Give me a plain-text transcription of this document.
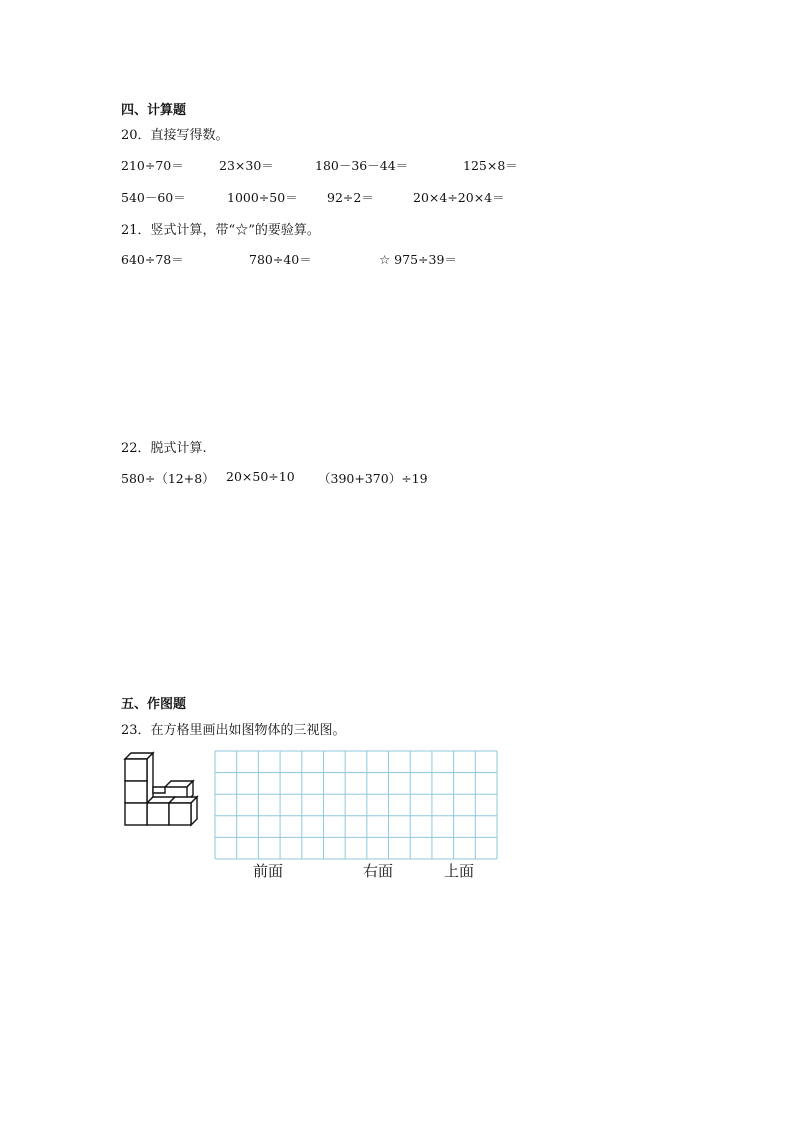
四、计算题
20．直接写得数。
210÷70＝	23×30＝	180－36－44＝	125×8＝
540－60＝	1000÷50＝ 92÷2＝	20×4÷20×4＝
21．竖式计算，带“☆”的要验算。
640÷78＝	780÷40＝	☆ 975÷39＝
22．脱式计算.
580÷（12+8） 20×50÷10 （390+370）÷19
五、作图题
23．在方格里画出如图物体的三视图。
前面	右面	上面
